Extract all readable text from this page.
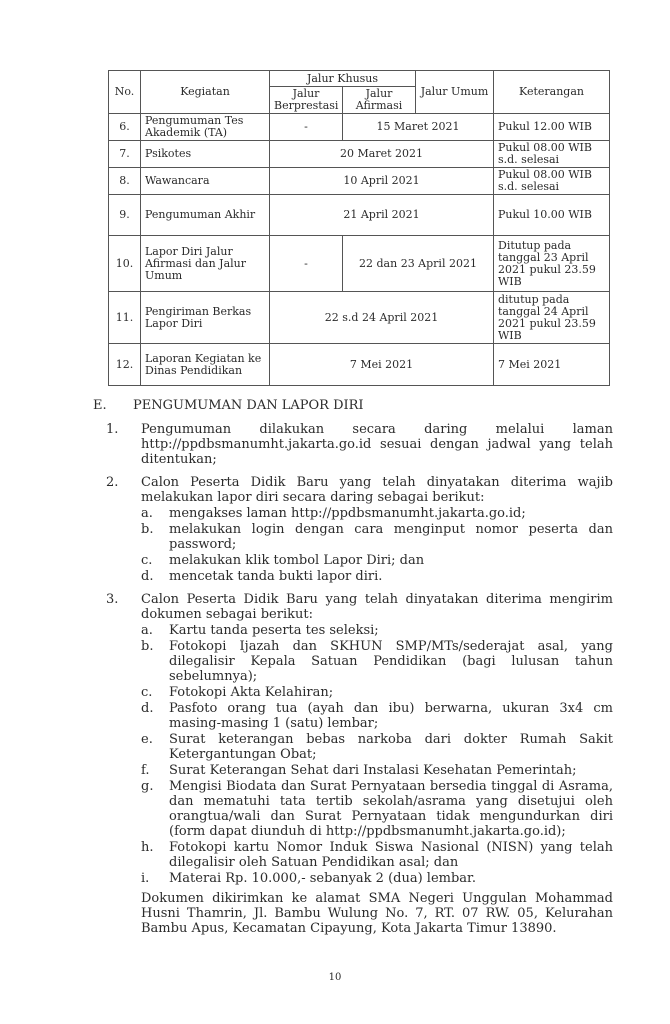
No.	Kegiatan	Jalur Khusus		Jalur Umum	Keterangan
		Jalur Berprestasi	Jalur Afirmasi		
6.	Pengumuman Tes Akademik (TA)	-	15 Maret 2021		Pukul 12.00 WIB
7.	Psikotes	20 Maret 2021			Pukul 08.00 WIB s.d. selesai
8.	Wawancara	10 April 2021			Pukul 08.00 WIB s.d. selesai
9.	Pengumuman Akhir	21 April 2021			Pukul 10.00 WIB
10.	Lapor Diri Jalur Afirmasi dan Jalur Umum	-	22 dan 23 April 2021		Ditutup pada tanggal 23 April 2021 pukul 23.59 WIB
11.	Pengiriman Berkas Lapor Diri	22 s.d 24 April 2021			ditutup pada tanggal 24 April 2021 pukul 23.59 WIB
12.	Laporan Kegiatan ke Dinas Pendidikan	7 Mei 2021			7 Mei 2021
E.	PENGUMUMAN DAN LAPOR DIRI
1.	Pengumuman dilakukan secara daring melalui laman http://ppdbsmanumht.jakarta.go.id sesuai dengan jadwal yang telah ditentukan;
2.	Calon Peserta Didik Baru yang telah dinyatakan diterima wajib melakukan lapor diri secara daring sebagai berikut:
a.	mengakses laman http://ppdbsmanumht.jakarta.go.id;
b.	melakukan login dengan cara menginput nomor peserta dan password;
c.	melakukan klik tombol Lapor Diri; dan
d.	mencetak tanda bukti lapor diri.
3.	Calon Peserta Didik Baru yang telah dinyatakan diterima mengirim dokumen sebagai berikut:
a.	Kartu tanda peserta tes seleksi;
b.	Fotokopi Ijazah dan SKHUN SMP/MTs/sederajat asal, yang dilegalisir Kepala Satuan Pendidikan (bagi lulusan tahun sebelumnya);
c.	Fotokopi Akta Kelahiran;
d.	Pasfoto orang tua (ayah dan ibu) berwarna, ukuran 3x4 cm masing-masing 1 (satu) lembar;
e.	Surat keterangan bebas narkoba dari dokter Rumah Sakit Ketergantungan Obat;
f.	Surat Keterangan Sehat dari Instalasi Kesehatan Pemerintah;
g.	Mengisi Biodata dan Surat Pernyataan bersedia tinggal di Asrama, dan mematuhi tata tertib sekolah/asrama yang disetujui oleh orangtua/wali dan Surat Pernyataan tidak mengundurkan diri (form dapat diunduh di http://ppdbsmanumht.jakarta.go.id);
h.	Fotokopi kartu Nomor Induk Siswa Nasional (NISN) yang telah dilegalisir oleh Satuan Pendidikan asal; dan
i.	Materai Rp. 10.000,- sebanyak 2 (dua) lembar.
Dokumen dikirimkan ke alamat SMA Negeri Unggulan Mohammad Husni Thamrin, Jl. Bambu Wulung No. 7, RT. 07 RW. 05, Kelurahan Bambu Apus, Kecamatan Cipayung, Kota Jakarta Timur 13890.
10
